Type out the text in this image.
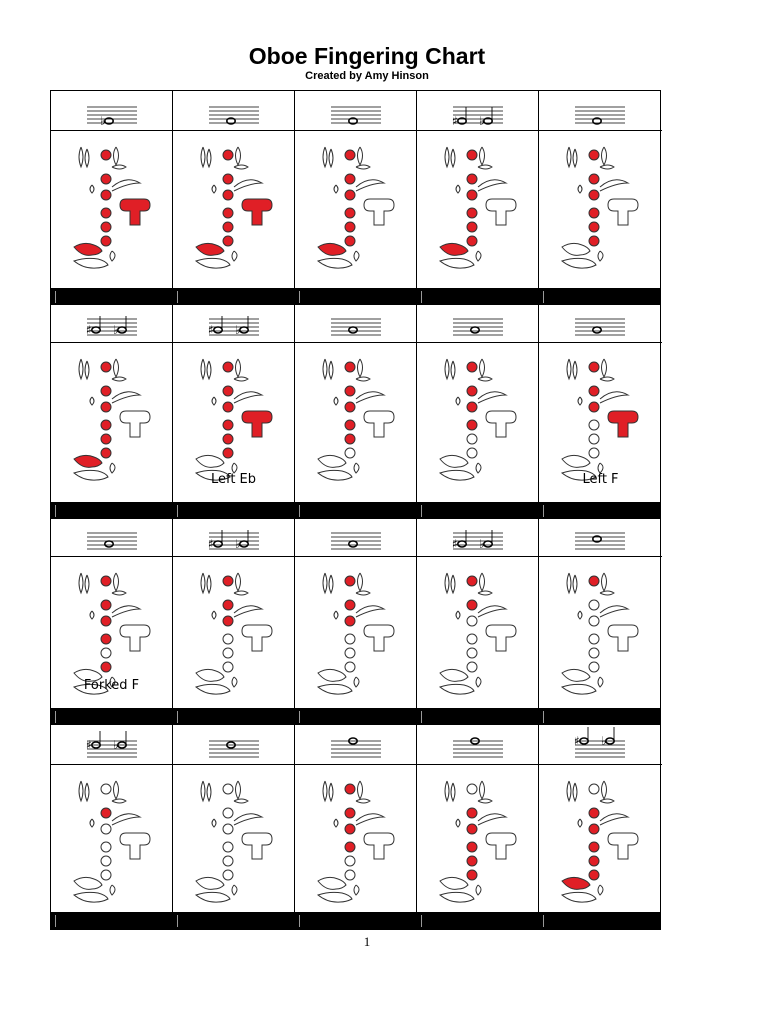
Oboe Fingering Chart
Created by Amy Hinson
♭	♯ ♭
♯ ♭	♯ ♭
Left Eb	Left F
Forked F
♯ ♭	♯ ♭
♯ ♭	♯ ♭
1
